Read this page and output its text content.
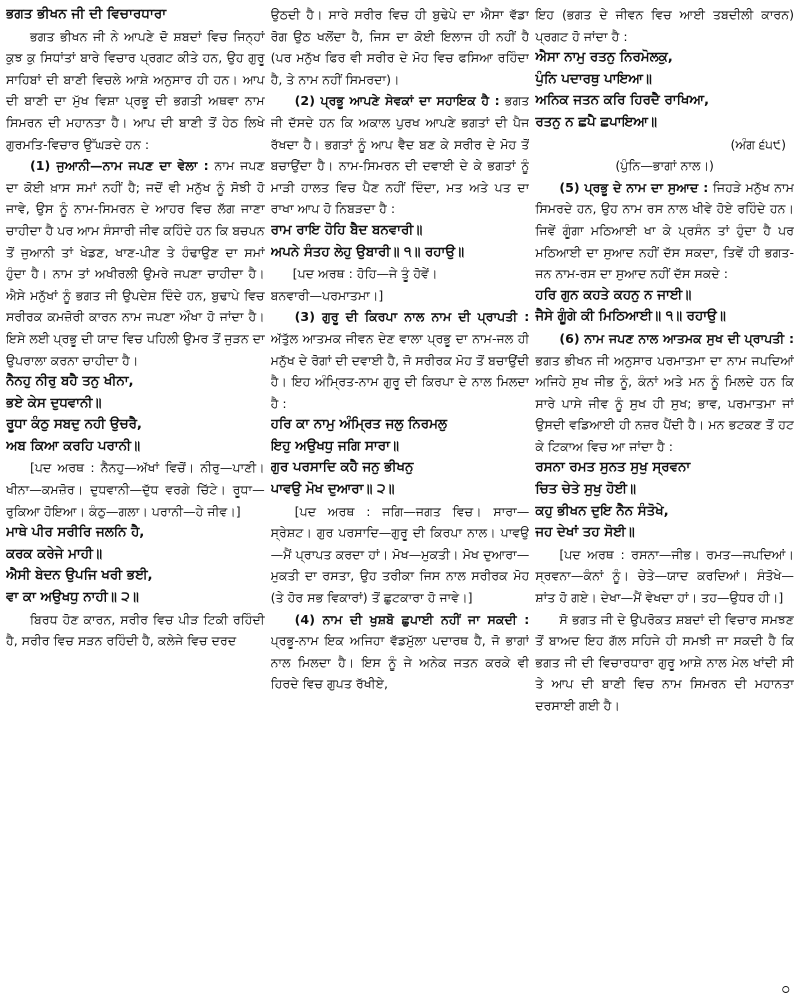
ਭਗਤ ਭੀਖਨ ਜੀ ਦੀ ਵਿਚਾਰਧਾਰਾ

ਭਗਤ ਭੀਖਨ ਜੀ ਨੇ ਆਪਣੇ ਦੋ ਸ਼ਬਦਾਂ ਵਿਚ ਜਿਨ੍ਹਾਂ ਕੁਝ ਕੁ ਸਿਧਾਂਤਾਂ ਬਾਰੇ ਵਿਚਾਰ ਪ੍ਰਗਟ ਕੀਤੇ ਹਨ, ਉਹ ਗੁਰੂ ਸਾਹਿਬਾਂ ਦੀ ਬਾਣੀ ਵਿਚਲੇ ਆਸ਼ੇ ਅਨੁਸਾਰ ਹੀ ਹਨ। ਆਪ ਦੀ ਬਾਣੀ ਦਾ ਮੁੱਖ ਵਿਸ਼ਾ ਪ੍ਰਭੂ ਦੀ ਭਗਤੀ ਅਥਵਾ ਨਾਮ ਸਿਮਰਨ ਦੀ ਮਹਾਨਤਾ ਹੈ। ਆਪ ਦੀ ਬਾਣੀ ਤੋਂ ਹੇਠ ਲਿਖੇ ਗੁਰਮਤਿ-ਵਿਚਾਰ ਉੱਘੜਦੇ ਹਨ :

(1) ਜੁਆਨੀ—ਨਾਮ ਜਪਣ ਦਾ ਵੇਲਾ : ਨਾਮ ਜਪਣ ਦਾ ਕੋਈ ਖ਼ਾਸ ਸਮਾਂ ਨਹੀਂ ਹੈ; ਜਦੋਂ ਵੀ ਮਨੁੱਖ ਨੂੰ ਸੋਝੀ ਹੋ ਜਾਵੇ, ਉਸ ਨੂੰ ਨਾਮ-ਸਿਮਰਨ ਦੇ ਆਹਰ ਵਿਚ ਲੱਗ ਜਾਣਾ ਚਾਹੀਦਾ ਹੈ ਪਰ ਆਮ ਸੰਸਾਰੀ ਜੀਵ ਕਹਿੰਦੇ ਹਨ ਕਿ ਬਚਪਨ ਤੋਂ ਜੁਆਨੀ ਤਾਂ ਖੇਡਣ, ਖਾਣ-ਪੀਣ ਤੇ ਹੰਢਾਉਣ ਦਾ ਸਮਾਂ ਹੁੰਦਾ ਹੈ। ਨਾਮ ਤਾਂ ਅਖੀਰਲੀ ਉਮਰੇ ਜਪਣਾ ਚਾਹੀਦਾ ਹੈ। ਐਸੇ ਮਨੁੱਖਾਂ ਨੂੰ ਭਗਤ ਜੀ ਉਪਦੇਸ਼ ਦਿੰਦੇ ਹਨ, ਬੁਢਾਪੇ ਵਿਚ ਸਰੀਰਕ ਕਮਜ਼ੋਰੀ ਕਾਰਨ ਨਾਮ ਜਪਣਾ ਔਖਾ ਹੋ ਜਾਂਦਾ ਹੈ। ਇਸੇ ਲਈ ਪ੍ਰਭੂ ਦੀ ਯਾਦ ਵਿਚ ਪਹਿਲੀ ਉਮਰ ਤੋਂ ਜੁੜਨ ਦਾ ਉਪਰਾਲਾ ਕਰਨਾ ਚਾਹੀਦਾ ਹੈ।

ਨੈਨਹੁ ਨੀਰੁ ਬਹੈ ਤਨੁ ਖੀਨਾ,

ਭਏ ਕੇਸ ਦੁਧਵਾਨੀ॥

ਰੂਧਾ ਕੰਠੁ ਸਬਦੁ ਨਹੀ ਉਚਰੈ,

ਅਬ ਕਿਆ ਕਰਹਿ ਪਰਾਨੀ॥

[ਪਦ ਅਰਥ : ਨੈਨਹੁ—ਅੱਖਾਂ ਵਿਚੋਂ। ਨੀਰੁ—ਪਾਣੀ। ਖੀਨਾ—ਕਮਜ਼ੋਰ। ਦੁਧਵਾਨੀ—ਦੁੱਧ ਵਰਗੇ ਚਿੱਟੇ। ਰੂਧਾ—ਰੁਕਿਆ ਹੋਇਆ। ਕੰਠੁ—ਗਲਾ। ਪਰਾਨੀ—ਹੇ ਜੀਵ।]

ਮਾਥੇ ਪੀਰ ਸਰੀਰਿ ਜਲਨਿ ਹੈ,

ਕਰਕ ਕਰੇਜੇ ਮਾਹੀ॥

ਐਸੀ ਬੇਦਨ ਉਪਜਿ ਖਰੀ ਭਈ,

ਵਾ ਕਾ ਅਉਖਧੁ ਨਾਹੀ॥ ੨॥

ਬਿਰਧ ਹੋਣ ਕਾਰਨ, ਸਰੀਰ ਵਿਚ ਪੀੜ ਟਿਕੀ ਰਹਿੰਦੀ ਹੈ, ਸਰੀਰ ਵਿਚ ਸੜਨ ਰਹਿੰਦੀ ਹੈ, ਕਲੇਜੇ ਵਿਚ ਦਰਦ

ਉਠਦੀ ਹੈ। ਸਾਰੇ ਸਰੀਰ ਵਿਚ ਹੀ ਬੁਢੇਪੇ ਦਾ ਐਸਾ ਵੱਡਾ ਰੋਗ ਉਠ ਖਲੋਂਦਾ ਹੈ, ਜਿਸ ਦਾ ਕੋਈ ਇਲਾਜ ਹੀ ਨਹੀਂ ਹੈ (ਪਰ ਮਨੁੱਖ ਫਿਰ ਵੀ ਸਰੀਰ ਦੇ ਮੋਹ ਵਿਚ ਫਸਿਆ ਰਹਿੰਦਾ ਹੈ, ਤੇ ਨਾਮ ਨਹੀਂ ਸਿਮਰਦਾ)।

(2) ਪ੍ਰਭੂ ਆਪਣੇ ਸੇਵਕਾਂ ਦਾ ਸਹਾਇਕ ਹੈ : ਭਗਤ ਜੀ ਦੱਸਦੇ ਹਨ ਕਿ ਅਕਾਲ ਪੁਰਖ ਆਪਣੇ ਭਗਤਾਂ ਦੀ ਪੈਜ ਰੱਖਦਾ ਹੈ। ਭਗਤਾਂ ਨੂੰ ਆਪ ਵੈਦ ਬਣ ਕੇ ਸਰੀਰ ਦੇ ਮੋਹ ਤੋਂ ਬਚਾਉਂਦਾ ਹੈ। ਨਾਮ-ਸਿਮਰਨ ਦੀ ਦਵਾਈ ਦੇ ਕੇ ਭਗਤਾਂ ਨੂੰ ਮਾੜੀ ਹਾਲਤ ਵਿਚ ਪੈਣ ਨਹੀਂ ਦਿੰਦਾ, ਮਤ ਅਤੇ ਪਤ ਦਾ ਰਾਖਾ ਆਪ ਹੋ ਨਿਬੜਦਾ ਹੈ :

ਰਾਮ ਰਾਇ ਹੋਹਿ ਬੈਦ ਬਨਵਾਰੀ॥

ਅਪਨੇ ਸੰਤਹ ਲੇਹੁ ਉਬਾਰੀ॥ ੧॥ ਰਹਾਉ॥

[ਪਦ ਅਰਥ : ਹੋਹਿ—ਜੇ ਤੂੰ ਹੋਵੇਂ।

ਬਨਵਾਰੀ—ਪਰਮਾਤਮਾ।]

(3) ਗੁਰੂ ਦੀ ਕਿਰਪਾ ਨਾਲ ਨਾਮ ਦੀ ਪ੍ਰਾਪਤੀ : ਅੱਤੁੱਲ ਆਤਮਕ ਜੀਵਨ ਦੇਣ ਵਾਲਾ ਪ੍ਰਭੂ ਦਾ ਨਾਮ-ਜਲ ਹੀ ਮਨੁੱਖ ਦੇ ਰੋਗਾਂ ਦੀ ਦਵਾਈ ਹੈ, ਜੋ ਸਰੀਰਕ ਮੋਹ ਤੋਂ ਬਚਾਉਂਦੀ ਹੈ। ਇਹ ਅੰਮ੍ਰਿਤ-ਨਾਮ ਗੁਰੂ ਦੀ ਕਿਰਪਾ ਦੇ ਨਾਲ ਮਿਲਦਾ ਹੈ :

ਹਰਿ ਕਾ ਨਾਮੁ ਅੰਮ੍ਰਿਤ ਜਲੁ ਨਿਰਮਲੁ

ਇਹੁ ਅਉਖਧੁ ਜਗਿ ਸਾਰਾ॥

ਗੁਰ ਪਰਸਾਦਿ ਕਹੈ ਜਨੁ ਭੀਖਨੁ

ਪਾਵਉ ਮੋਖ ਦੁਆਰਾ॥ ੨॥

[ਪਦ ਅਰਥ : ਜਗਿ—ਜਗਤ ਵਿਚ। ਸਾਰਾ—ਸ੍ਰੇਸ਼ਟ। ਗੁਰ ਪਰਸਾਦਿ—ਗੁਰੂ ਦੀ ਕਿਰਪਾ ਨਾਲ। ਪਾਵਉ—ਮੈਂ ਪ੍ਰਾਪਤ ਕਰਦਾ ਹਾਂ। ਮੋਖ—ਮੁਕਤੀ। ਮੋਖ ਦੁਆਰਾ—ਮੁਕਤੀ ਦਾ ਰਸਤਾ, ਉਹ ਤਰੀਕਾ ਜਿਸ ਨਾਲ ਸਰੀਰਕ ਮੋਹ (ਤੇ ਹੋਰ ਸਭ ਵਿਕਾਰਾਂ) ਤੋਂ ਛੁਟਕਾਰਾ ਹੋ ਜਾਵੇ।]

(4) ਨਾਮ ਦੀ ਖੁਸ਼ਬੋ ਛੁਪਾਈ ਨਹੀਂ ਜਾ ਸਕਦੀ : ਪ੍ਰਭੂ-ਨਾਮ ਇਕ ਅਜਿਹਾ ਵੱਡਮੁੱਲਾ ਪਦਾਰਥ ਹੈ, ਜੋ ਭਾਗਾਂ ਨਾਲ ਮਿਲਦਾ ਹੈ। ਇਸ ਨੂੰ ਜੇ ਅਨੇਕ ਜਤਨ ਕਰਕੇ ਵੀ ਹਿਰਦੇ ਵਿਚ ਗੁਪਤ ਰੱਖੀਏ,

ਇਹ (ਭਗਤ ਦੇ ਜੀਵਨ ਵਿਚ ਆਈ ਤਬਦੀਲੀ ਕਾਰਨ) ਪ੍ਰਗਟ ਹੋ ਜਾਂਦਾ ਹੈ :

ਐਸਾ ਨਾਮੁ ਰਤਨੁ ਨਿਰਮੋਲਕੁ,

ਪੁੰਨਿ ਪਦਾਰਥੁ ਪਾਇਆ॥

ਅਨਿਕ ਜਤਨ ਕਰਿ ਹਿਰਦੈ ਰਾਖਿਆ,

ਰਤਨੁ ਨ ਛਪੈ ਛਪਾਇਆ॥

(ਅੰਗ ੬੫੯)

(ਪੁੰਨਿ—ਭਾਗਾਂ ਨਾਲ।)

(5) ਪ੍ਰਭੂ ਦੇ ਨਾਮ ਦਾ ਸੁਆਦ : ਜਿਹੜੇ ਮਨੁੱਖ ਨਾਮ ਸਿਮਰਦੇ ਹਨ, ਉਹ ਨਾਮ ਰਸ ਨਾਲ ਖੀਵੇ ਹੋਏ ਰਹਿੰਦੇ ਹਨ। ਜਿਵੇਂ ਗੂੰਗਾ ਮਠਿਆਈ ਖਾ ਕੇ ਪ੍ਰਸੰਨ ਤਾਂ ਹੁੰਦਾ ਹੈ ਪਰ ਮਠਿਆਈ ਦਾ ਸੁਆਦ ਨਹੀਂ ਦੱਸ ਸਕਦਾ, ਤਿਵੇਂ ਹੀ ਭਗਤ-ਜਨ ਨਾਮ-ਰਸ ਦਾ ਸੁਆਦ ਨਹੀਂ ਦੱਸ ਸਕਦੇ :

ਹਰਿ ਗੁਨ ਕਹਤੇ ਕਹਨੁ ਨ ਜਾਈ॥

ਜੈਸੇ ਗੂੰਗੇ ਕੀ ਮਿਠਿਆਈ॥ ੧॥ ਰਹਾਉ॥

(6) ਨਾਮ ਜਪਣ ਨਾਲ ਆਤਮਕ ਸੁਖ ਦੀ ਪ੍ਰਾਪਤੀ : ਭਗਤ ਭੀਖਨ ਜੀ ਅਨੁਸਾਰ ਪਰਮਾਤਮਾ ਦਾ ਨਾਮ ਜਪਦਿਆਂ ਅਜਿਹੇ ਸੁਖ ਜੀਭ ਨੂੰ, ਕੰਨਾਂ ਅਤੇ ਮਨ ਨੂੰ ਮਿਲਦੇ ਹਨ ਕਿ ਸਾਰੇ ਪਾਸੇ ਜੀਵ ਨੂੰ ਸੁਖ ਹੀ ਸੁਖ; ਭਾਵ, ਪਰਮਾਤਮਾ ਜਾਂ ਉਸਦੀ ਵਡਿਆਈ ਹੀ ਨਜ਼ਰ ਪੈਂਦੀ ਹੈ। ਮਨ ਭਟਕਣ ਤੋਂ ਹਟ ਕੇ ਟਿਕਾਅ ਵਿਚ ਆ ਜਾਂਦਾ ਹੈ :

ਰਸਨਾ ਰਮਤ ਸੁਨਤ ਸੁਖੁ ਸ੍ਰਵਨਾ

ਚਿਤ ਚੇਤੇ ਸੁਖੁ ਹੋਈ॥

ਕਹੁ ਭੀਖਨ ਦੁਇ ਨੈਨ ਸੰਤੋਖੇ,

ਜਹ ਦੇਖਾਂ ਤਹ ਸੋਈ॥

[ਪਦ ਅਰਥ : ਰਸਨਾ—ਜੀਭ। ਰਮਤ—ਜਪਦਿਆਂ। ਸ੍ਰਵਨਾ—ਕੰਨਾਂ ਨੂੰ। ਚੇਤੇ—ਯਾਦ ਕਰਦਿਆਂ। ਸੰਤੋਖੇ—ਸ਼ਾਂਤ ਹੋ ਗਏ। ਦੇਖਾ—ਮੈਂ ਵੇਖਦਾ ਹਾਂ। ਤਹ—ਉਧਰ ਹੀ।]

ਸੋ ਭਗਤ ਜੀ ਦੇ ਉਪਰੋਕਤ ਸ਼ਬਦਾਂ ਦੀ ਵਿਚਾਰ ਸਮਝਣ ਤੋਂ ਬਾਅਦ ਇਹ ਗੱਲ ਸਹਿਜੇ ਹੀ ਸਮਝੀ ਜਾ ਸਕਦੀ ਹੈ ਕਿ ਭਗਤ ਜੀ ਦੀ ਵਿਚਾਰਧਾਰਾ ਗੁਰੂ ਆਸ਼ੇ ਨਾਲ ਮੇਲ ਖਾਂਦੀ ਸੀ ਤੇ ਆਪ ਦੀ ਬਾਣੀ ਵਿਚ ਨਾਮ ਸਿਮਰਨ ਦੀ ਮਹਾਨਤਾ ਦਰਸਾਈ ਗਈ ਹੈ।

੦
